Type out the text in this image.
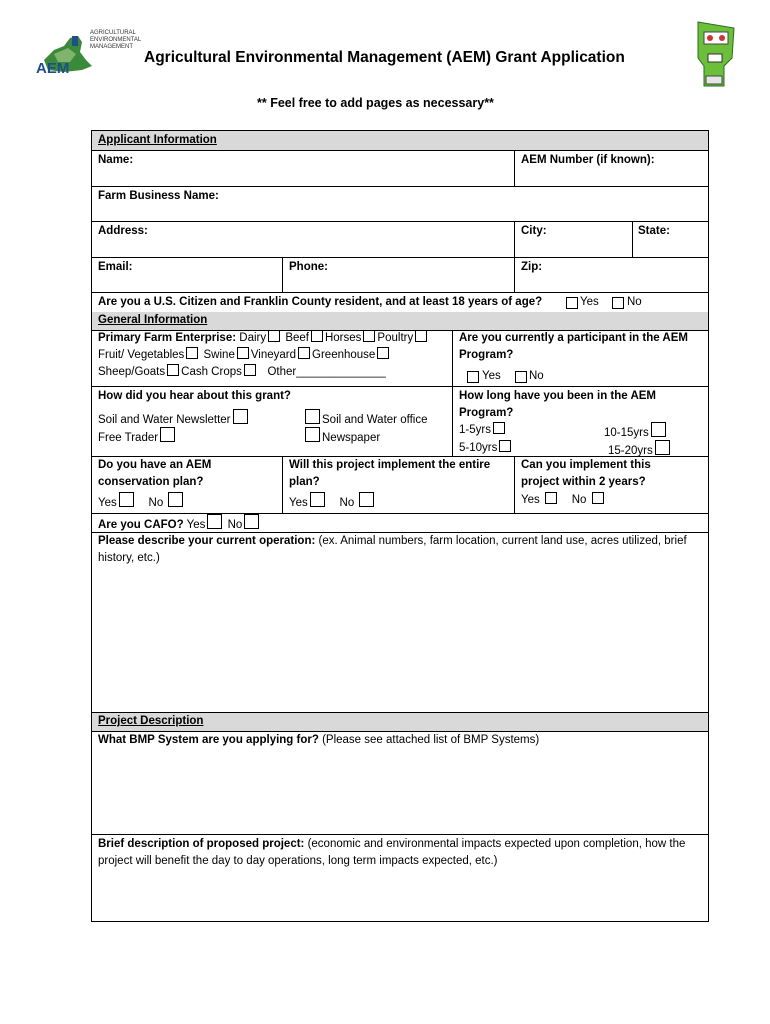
AEM
AGRICULTURAL
ENVIRONMENTAL
MANAGEMENT
Agricultural Environmental Management (AEM) Grant Application
** Feel free to add pages as necessary**
Applicant Information
Name:	AEM Number (if known):
Farm Business Name:
Address:	City:	State:
Email:	Phone:	Zip:
Are you a U.S. Citizen and Franklin County resident, and at least 18 years of age?	Yes No
General Information
Primary Farm Enterprise: Dairy Beef Horses Poultry
Fruit/ Vegetables Swine Vineyard Greenhouse
Sheep/Goats Cash Crops Other______________
Are you currently a participant in the AEM Program?
Yes No
How did you hear about this grant?
Soil and Water Newsletter	Soil and Water office
Free Trader	Newspaper
How long have you been in the AEM Program?
1-5yrs	10-15yrs
5-10yrs	15-20yrs
Do you have an AEM conservation plan?
Yes	No
Will this project implement the entire plan?
Yes	No
Can you implement this project within 2 years?
Yes	No
Are you CAFO? Yes No
Please describe your current operation: (ex. Animal numbers, farm location, current land use, acres utilized, brief history, etc.)
Project Description
What BMP System are you applying for? (Please see attached list of BMP Systems)
Brief description of proposed project: (economic and environmental impacts expected upon completion, how the project will benefit the day to day operations, long term impacts expected, etc.)
